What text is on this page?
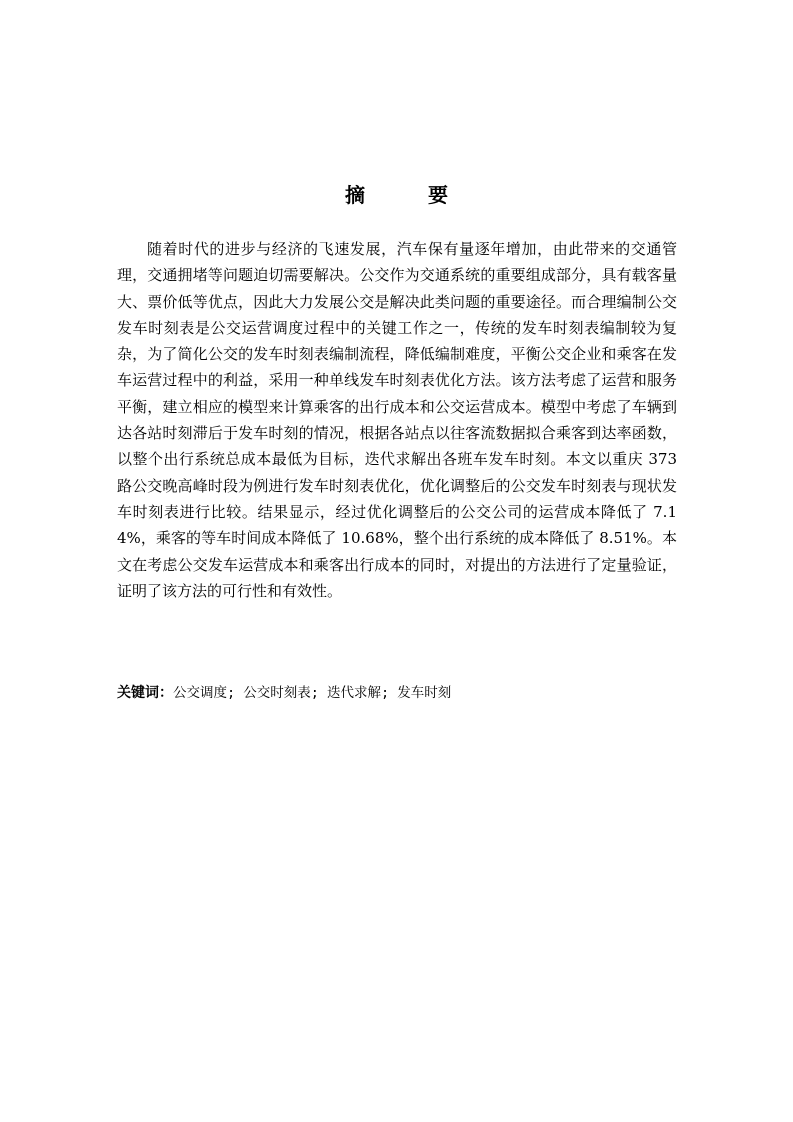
摘 要

随着时代的进步与经济的飞速发展，汽车保有量逐年增加，由此带来的交通管理，交通拥堵等问题迫切需要解决。公交作为交通系统的重要组成部分，具有载客量大、票价低等优点，因此大力发展公交是解决此类问题的重要途径。而合理编制公交发车时刻表是公交运营调度过程中的关键工作之一，传统的发车时刻表编制较为复杂，为了简化公交的发车时刻表编制流程，降低编制难度，平衡公交企业和乘客在发车运营过程中的利益，采用一种单线发车时刻表优化方法。该方法考虑了运营和服务平衡，建立相应的模型来计算乘客的出行成本和公交运营成本。模型中考虑了车辆到达各站时刻滞后于发车时刻的情况，根据各站点以往客流数据拟合乘客到达率函数，以整个出行系统总成本最低为目标，迭代求解出各班车发车时刻。本文以重庆 373 路公交晚高峰时段为例进行发车时刻表优化，优化调整后的公交发车时刻表与现状发车时刻表进行比较。结果显示，经过优化调整后的公交公司的运营成本降低了 7.14%，乘客的等车时间成本降低了 10.68%，整个出行系统的成本降低了 8.51%。本文在考虑公交发车运营成本和乘客出行成本的同时，对提出的方法进行了定量验证，证明了该方法的可行性和有效性。

关键词：公交调度; 公交时刻表; 迭代求解; 发车时刻
